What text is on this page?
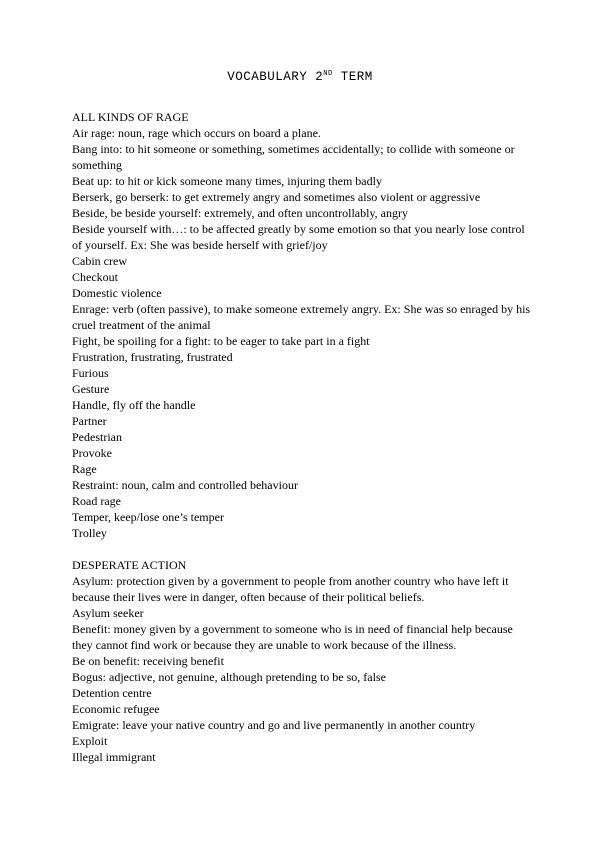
VOCABULARY 2ND TERM
ALL KINDS OF RAGE
Air rage: noun, rage which occurs on board a plane.
Bang into: to hit someone or something, sometimes accidentally; to collide with someone or something
Beat up: to hit or kick someone many times, injuring them badly
Berserk, go berserk: to get extremely angry and sometimes also violent or aggressive
Beside, be beside yourself: extremely, and often uncontrollably, angry
Beside yourself with…: to be affected greatly by some emotion so that you nearly lose control of yourself. Ex: She was beside herself with grief/joy
Cabin crew
Checkout
Domestic violence
Enrage: verb (often passive), to make someone extremely angry. Ex: She was so enraged by his cruel treatment of the animal
Fight, be spoiling for a fight: to be eager to take part in a fight
Frustration, frustrating, frustrated
Furious
Gesture
Handle, fly off the handle
Partner
Pedestrian
Provoke
Rage
Restraint: noun, calm and controlled behaviour
Road rage
Temper, keep/lose one’s temper
Trolley
DESPERATE ACTION
Asylum: protection given by a government to people from another country who have left it because their lives were in danger, often because of their political beliefs.
Asylum seeker
Benefit: money given by a government to someone who is in need of financial help because they cannot find work or because they are unable to work because of the illness.
Be on benefit: receiving benefit
Bogus: adjective, not genuine, although pretending to be so, false
Detention centre
Economic refugee
Emigrate: leave your native country and go and live permanently in another country
Exploit
Illegal immigrant
